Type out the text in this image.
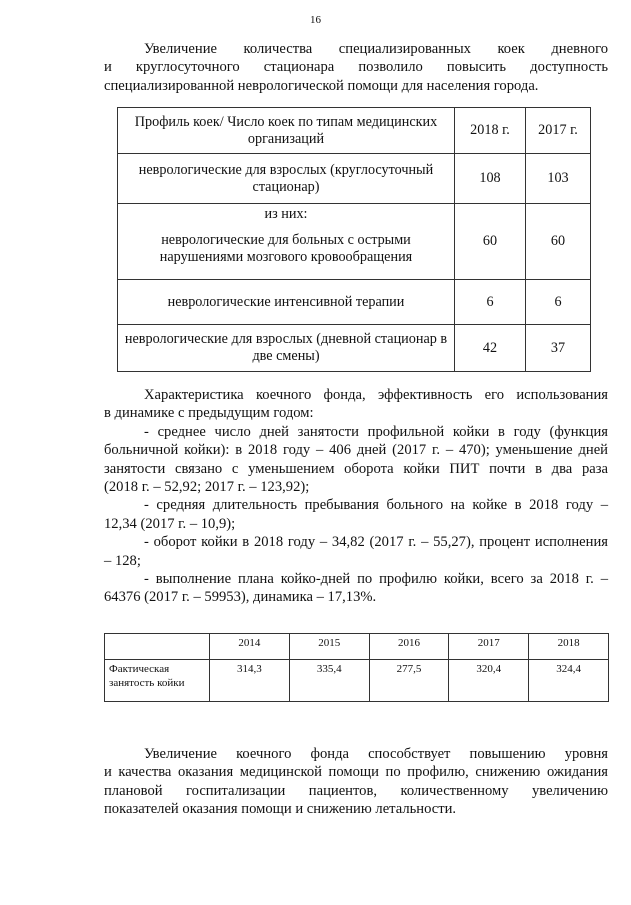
16
Увеличение количества специализированных коек дневного
и круглосуточного стационара позволило повысить доступность
специализированной неврологической помощи для населения города.
Профиль коек/ Число коек по типам медицинских организаций	2018 г.	2017 г.
неврологические для взрослых (круглосуточный стационар)	108	103

из них:
неврологические для больных с острыми нарушениями мозгового кровообращения	60	60
неврологические интенсивной терапии	6	6
неврологические для взрослых (дневной стационар в две смены)	42	37
Характеристика коечного фонда, эффективность его использования
в динамике с предыдущим годом:
- среднее число дней занятости профильной койки в году (функция
больничной койки): в 2018 году – 406 дней (2017 г. – 470); уменьшение дней
занятости связано с уменьшением оборота койки ПИТ почти в два раза
(2018 г. – 52,92; 2017 г. – 123,92);
- средняя длительность пребывания больного на койке в 2018 году –
12,34 (2017 г. – 10,9);
- оборот койки в 2018 году – 34,82 (2017 г. – 55,27), процент исполнения
– 128;
- выполнение плана койко-дней по профилю койки, всего за 2018 г. –
64376 (2017 г. – 59953), динамика – 17,13%.
	2014	2015	2016	2017	2018
Фактическая занятость койки	314,3	335,4	277,5	320,4	324,4
Увеличение коечного фонда способствует повышению уровня
и качества оказания медицинской помощи по профилю, снижению ожидания
плановой госпитализации пациентов, количественному увеличению
показателей оказания помощи и снижению летальности.
